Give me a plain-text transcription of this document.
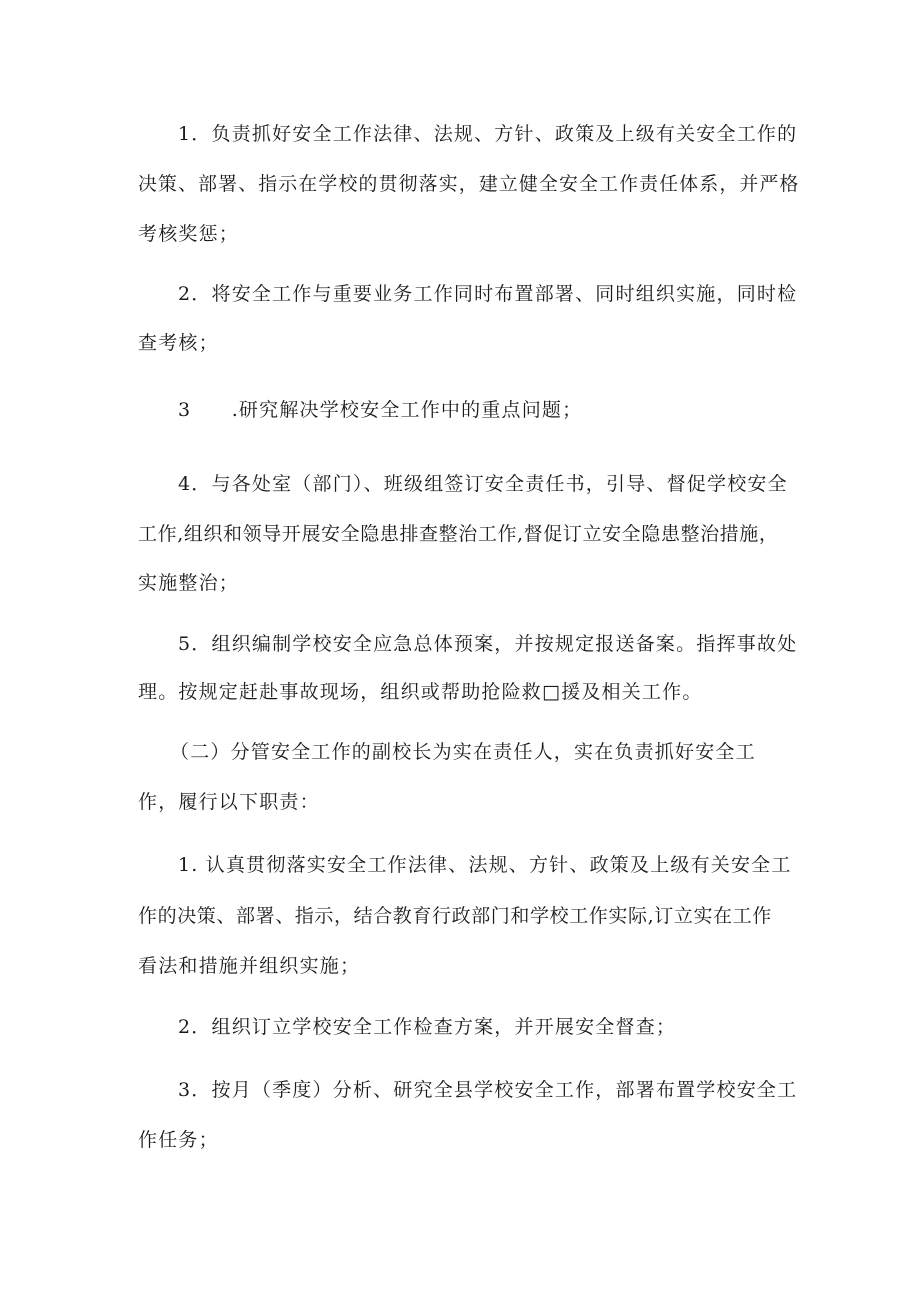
1．负责抓好安全工作法律、法规、方针、政策及上级有关安全工作的
决策、部署、指示在学校的贯彻落实，建立健全安全工作责任体系，并严格
考核奖惩；
2．将安全工作与重要业务工作同时布置部署、同时组织实施，同时检
查考核；
3　　.研究解决学校安全工作中的重点问题；
4．与各处室（部门）、班级组签订安全责任书，引导、督促学校安全
工作,组织和领导开展安全隐患排查整治工作,督促订立安全隐患整治措施，
实施整治；
5．组织编制学校安全应急总体预案，并按规定报送备案。指挥事故处
理。按规定赶赴事故现场，组织或帮助抢险救□援及相关工作。
（二）分管安全工作的副校长为实在责任人，实在负责抓好安全工
作，履行以下职责：
1. 认真贯彻落实安全工作法律、法规、方针、政策及上级有关安全工
作的决策、部署、指示，结合教育行政部门和学校工作实际,订立实在工作
看法和措施并组织实施；
2．组织订立学校安全工作检查方案，并开展安全督查；
3．按月（季度）分析、研究全县学校安全工作，部署布置学校安全工
作任务；
